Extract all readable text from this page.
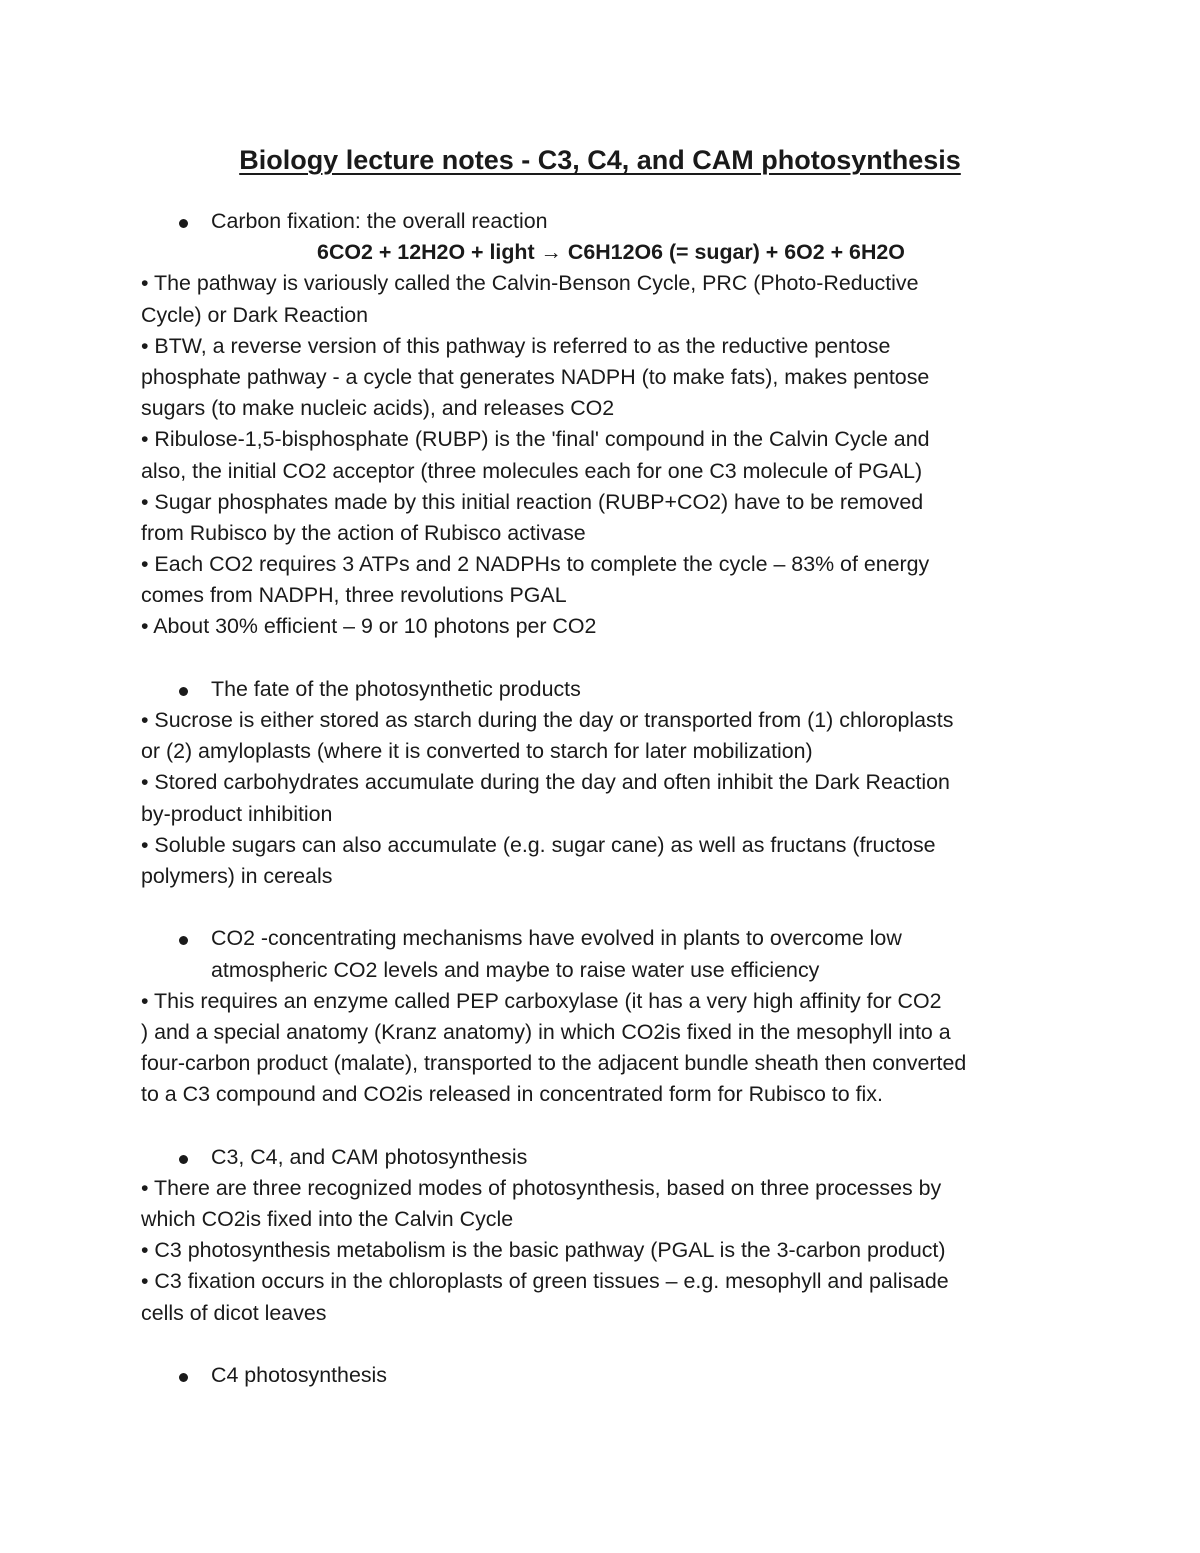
Biology lecture notes - C3, C4, and CAM photosynthesis
Carbon fixation: the overall reaction
6CO2 + 12H2O + light → C6H12O6 (= sugar) + 6O2 + 6H2O
• The pathway is variously called the Calvin-Benson Cycle, PRC (Photo-Reductive
Cycle) or Dark Reaction
• BTW, a reverse version of this pathway is referred to as the reductive pentose
phosphate pathway - a cycle that generates NADPH (to make fats), makes pentose
sugars (to make nucleic acids), and releases CO2
• Ribulose-1,5-bisphosphate (RUBP) is the 'final' compound in the Calvin Cycle and
also, the initial CO2 acceptor (three molecules each for one C3 molecule of PGAL)
• Sugar phosphates made by this initial reaction (RUBP+CO2) have to be removed
from Rubisco by the action of Rubisco activase
• Each CO2 requires 3 ATPs and 2 NADPHs to complete the cycle – 83% of energy
comes from NADPH, three revolutions PGAL
• About 30% efficient – 9 or 10 photons per CO2
The fate of the photosynthetic products
• Sucrose is either stored as starch during the day or transported from (1) chloroplasts
or (2) amyloplasts (where it is converted to starch for later mobilization)
• Stored carbohydrates accumulate during the day and often inhibit the Dark Reaction
by-product inhibition
• Soluble sugars can also accumulate (e.g. sugar cane) as well as fructans (fructose
polymers) in cereals
CO2 -concentrating mechanisms have evolved in plants to overcome low
atmospheric CO2 levels and maybe to raise water use efficiency
• This requires an enzyme called PEP carboxylase (it has a very high affinity for CO2
) and a special anatomy (Kranz anatomy) in which CO2is fixed in the mesophyll into a
four-carbon product (malate), transported to the adjacent bundle sheath then converted
to a C3 compound and CO2is released in concentrated form for Rubisco to fix.
C3, C4, and CAM photosynthesis
• There are three recognized modes of photosynthesis, based on three processes by
which CO2is fixed into the Calvin Cycle
• C3 photosynthesis metabolism is the basic pathway (PGAL is the 3-carbon product)
• C3 fixation occurs in the chloroplasts of green tissues – e.g. mesophyll and palisade
cells of dicot leaves
C4 photosynthesis
